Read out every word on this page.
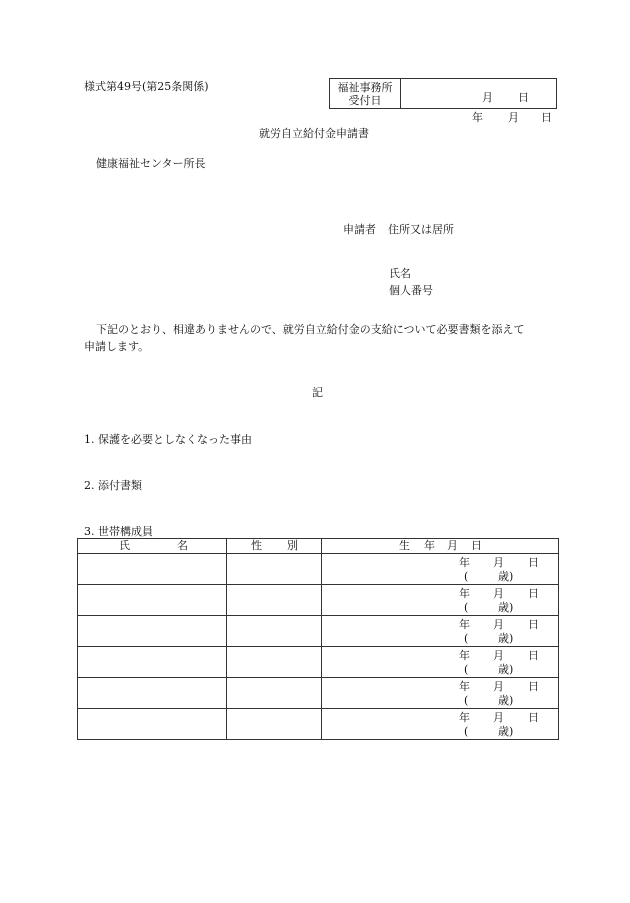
様式第49号(第25条関係)	福祉事務所
受付日	月 日
年 月 日
就労自立給付金申請書
健康福祉センター所長
申請者 住所又は居所
氏名
個人番号
下記のとおり、相違ありませんので、就労自立給付金の支給について必要書類を添えて
申請します。
記
1. 保護を必要としなくなった事由
2. 添付書類
3. 世帯構成員
氏 名	性 別	生 年 月 日

		年 月 日
( 歳)

		年 月 日
( 歳)

		年 月 日
( 歳)

		年 月 日
( 歳)

		年 月 日
( 歳)

		年 月 日
( 歳)
